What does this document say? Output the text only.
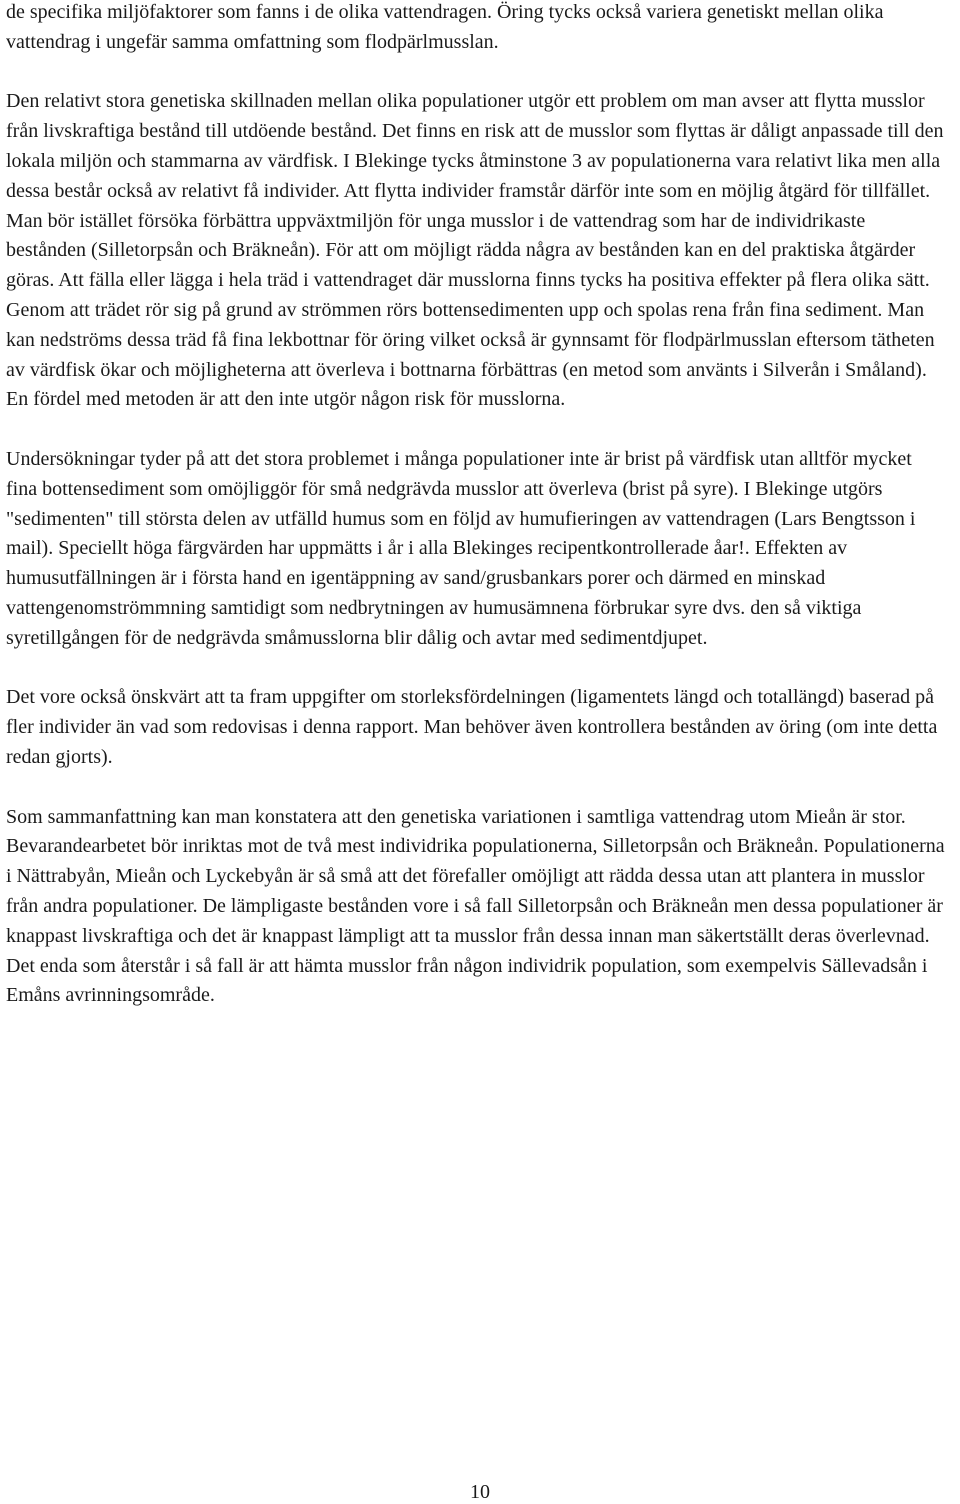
de specifika miljöfaktorer som fanns i de olika vattendragen. Öring tycks också variera genetiskt mellan olika vattendrag i ungefär samma omfattning som flodpärlmusslan.

Den relativt stora genetiska skillnaden mellan olika populationer utgör ett problem om man avser att flytta musslor från livskraftiga bestånd till utdöende bestånd. Det finns en risk att de musslor som flyttas är dåligt anpassade till den lokala miljön och stammarna av värdfisk. I Blekinge tycks åtminstone 3 av populationerna vara relativt lika men alla dessa består också av relativt få individer. Att flytta individer framstår därför inte som en möjlig åtgärd för tillfället. Man bör istället försöka förbättra uppväxtmiljön för unga musslor i de vattendrag som har de individrikaste bestånden (Silletorpsån och Bräkneån). För att om möjligt rädda några av bestånden kan en del praktiska åtgärder göras. Att fälla eller lägga i hela träd i vattendraget där musslorna finns tycks ha positiva effekter på flera olika sätt. Genom att trädet rör sig på grund av strömmen rörs bottensedimenten upp och spolas rena från fina sediment. Man kan nedströms dessa träd få fina lekbottnar för öring vilket också är gynnsamt för flodpärlmusslan eftersom tätheten av värdfisk ökar och möjligheterna att överleva i bottnarna förbättras (en metod som använts i Silverån i Småland). En fördel med metoden är att den inte utgör någon risk för musslorna.

Undersökningar tyder på att det stora problemet i många populationer inte är brist på värdfisk utan alltför mycket fina bottensediment som omöjliggör för små nedgrävda musslor att överleva (brist på syre). I Blekinge utgörs "sedimenten" till största delen av utfälld humus som en följd av humufieringen av vattendragen (Lars Bengtsson i mail). Speciellt höga färgvärden har uppmätts i år i alla Blekinges recipentkontrollerade åar!. Effekten av humusutfällningen är i första hand en igentäppning av sand/grusbankars porer och därmed en minskad vattengenomströmmning samtidigt som nedbrytningen av humusämnena förbrukar syre dvs. den så viktiga syretillgången för de nedgrävda småmusslorna blir dålig och avtar med sedimentdjupet.

Det vore också önskvärt att ta fram uppgifter om storleksfördelningen (ligamentets längd och totallängd) baserad på fler individer än vad som redovisas i denna rapport. Man behöver även kontrollera bestånden av öring (om inte detta redan gjorts).

Som sammanfattning kan man konstatera att den genetiska variationen i samtliga vattendrag utom Mieån är stor. Bevarandearbetet bör inriktas mot de två mest individrika populationerna, Silletorpsån och Bräkneån. Populationerna i Nättrabyån, Mieån och Lyckebyån är så små att det förefaller omöjligt att rädda dessa utan att plantera in musslor från andra populationer. De lämpligaste bestånden vore i så fall Silletorpsån och Bräkneån men dessa populationer är knappast livskraftiga och det är knappast lämpligt att ta musslor från dessa innan man säkertställt deras överlevnad. Det enda som återstår i så fall är att hämta musslor från någon individrik population, som exempelvis Sällevadsån i Emåns avrinningsområde.

10
